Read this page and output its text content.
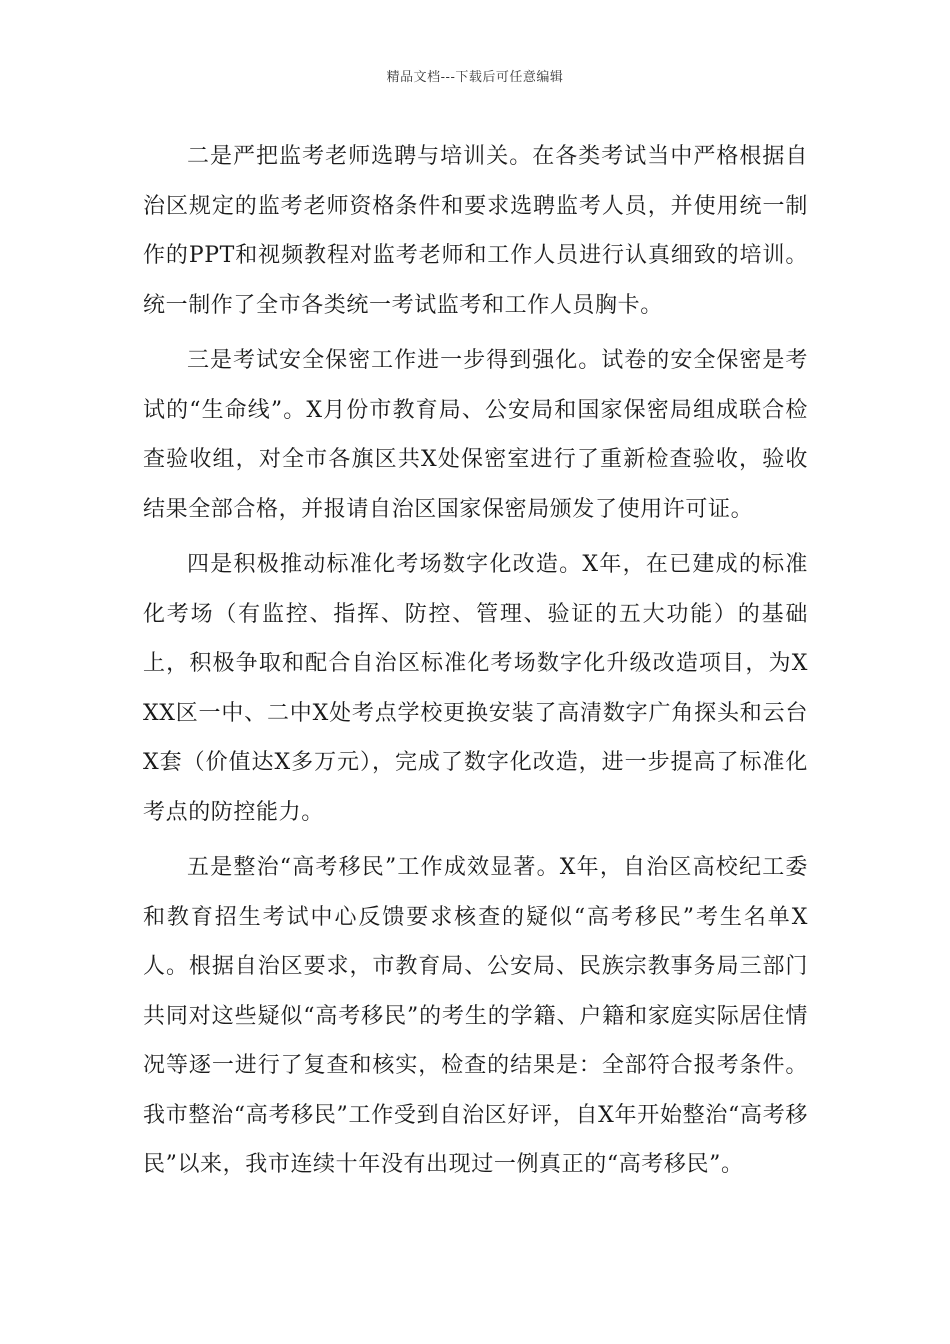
精品文档---下载后可任意编辑

二是严把监考老师选聘与培训关。在各类考试当中严格根据自治区规定的监考老师资格条件和要求选聘监考人员，并使用统一制作的PPT和视频教程对监考老师和工作人员进行认真细致的培训。统一制作了全市各类统一考试监考和工作人员胸卡。

三是考试安全保密工作进一步得到强化。试卷的安全保密是考试的“生命线”。X月份市教育局、公安局和国家保密局组成联合检查验收组，对全市各旗区共X处保密室进行了重新检查验收，验收结果全部合格，并报请自治区国家保密局颁发了使用许可证。

四是积极推动标准化考场数字化改造。X年，在已建成的标准化考场（有监控、指挥、防控、管理、验证的五大功能）的基础上，积极争取和配合自治区标准化考场数字化升级改造项目，为XXX区一中、二中X处考点学校更换安装了高清数字广角探头和云台X套（价值达X多万元），完成了数字化改造，进一步提高了标准化考点的防控能力。

五是整治“高考移民”工作成效显著。X年，自治区高校纪工委和教育招生考试中心反馈要求核查的疑似“高考移民”考生名单X人。根据自治区要求，市教育局、公安局、民族宗教事务局三部门共同对这些疑似“高考移民”的考生的学籍、户籍和家庭实际居住情况等逐一进行了复查和核实，检查的结果是：全部符合报考条件。我市整治“高考移民”工作受到自治区好评，自X年开始整治“高考移民”以来，我市连续十年没有出现过一例真正的“高考移民”。
